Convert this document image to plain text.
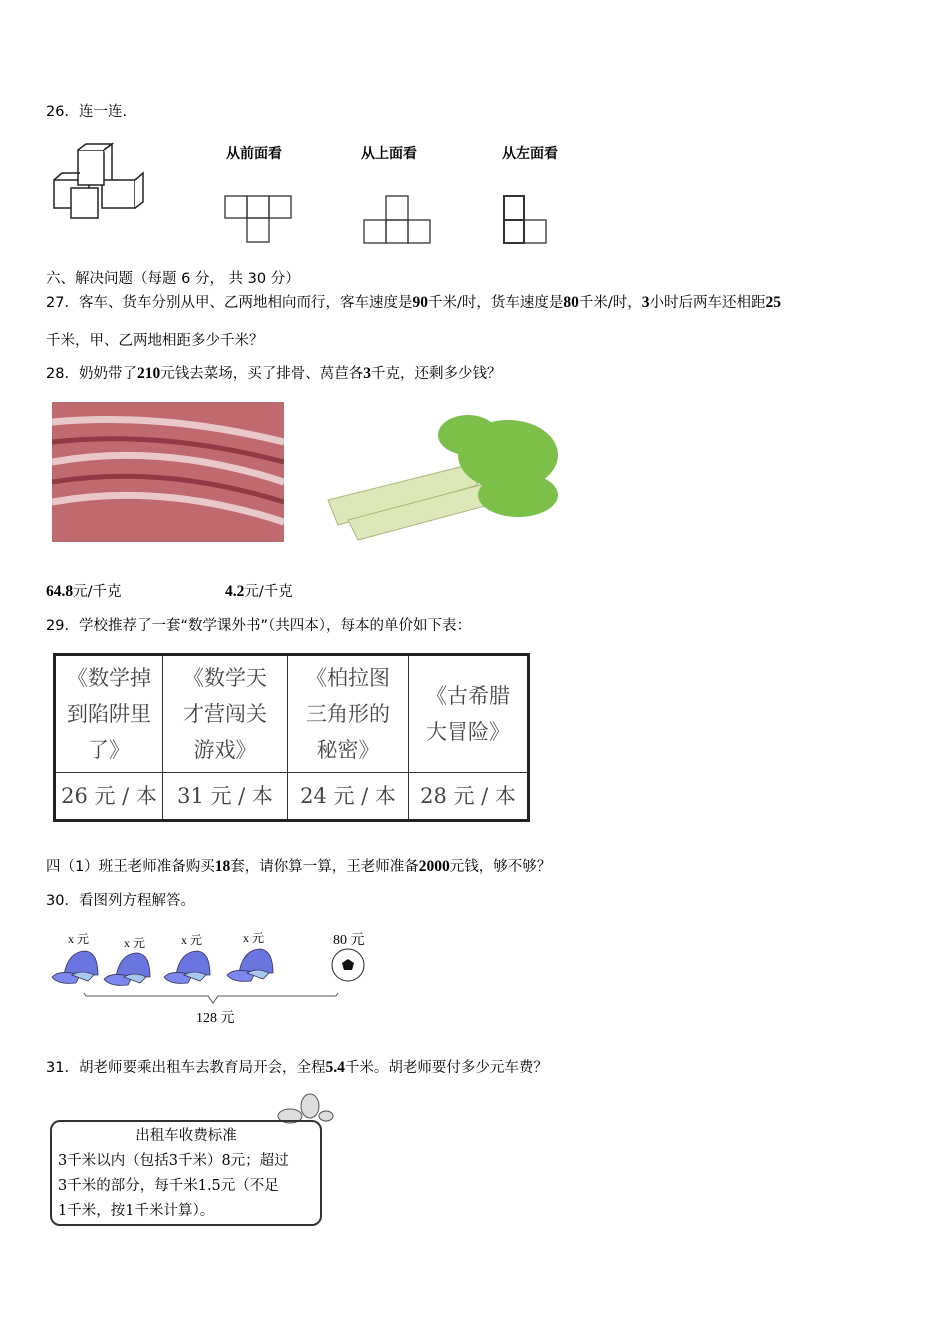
26．连一连.
从前面看	从上面看	从左面看
六、解决问题（每题 6 分， 共 30 分）
27．客车、货车分别从甲、乙两地相向而行，客车速度是90千米/时，货车速度是80千米/时，3小时后两车还相距25
千米，甲、乙两地相距多少千米？
28．奶奶带了210元钱去菜场，买了排骨、莴苣各3千克，还剩多少钱？
64.8元/千克	4.2元/千克
29．学校推荐了一套“数学课外书”（共四本），每本的单价如下表：
《数学掉
到陷阱里
了》

《数学天
才营闯关
游戏》

《柏拉图
三角形的
秘密》

《古希腊
大冒险》

26 元 / 本	31 元 / 本	24 元 / 本	28 元 / 本
四（1）班王老师准备购买18套，请你算一算，王老师准备2000元钱，够不够？
30．看图列方程解答。
x 元	x 元	x 元	x 元	80 元
128 元
31．胡老师要乘出租车去教育局开会，全程5.4千米。胡老师要付多少元车费？
出租车收费标准
3千米以内（包括3千米）8元；超过
3千米的部分，每千米1.5元（不足
1千米，按1千米计算）。
